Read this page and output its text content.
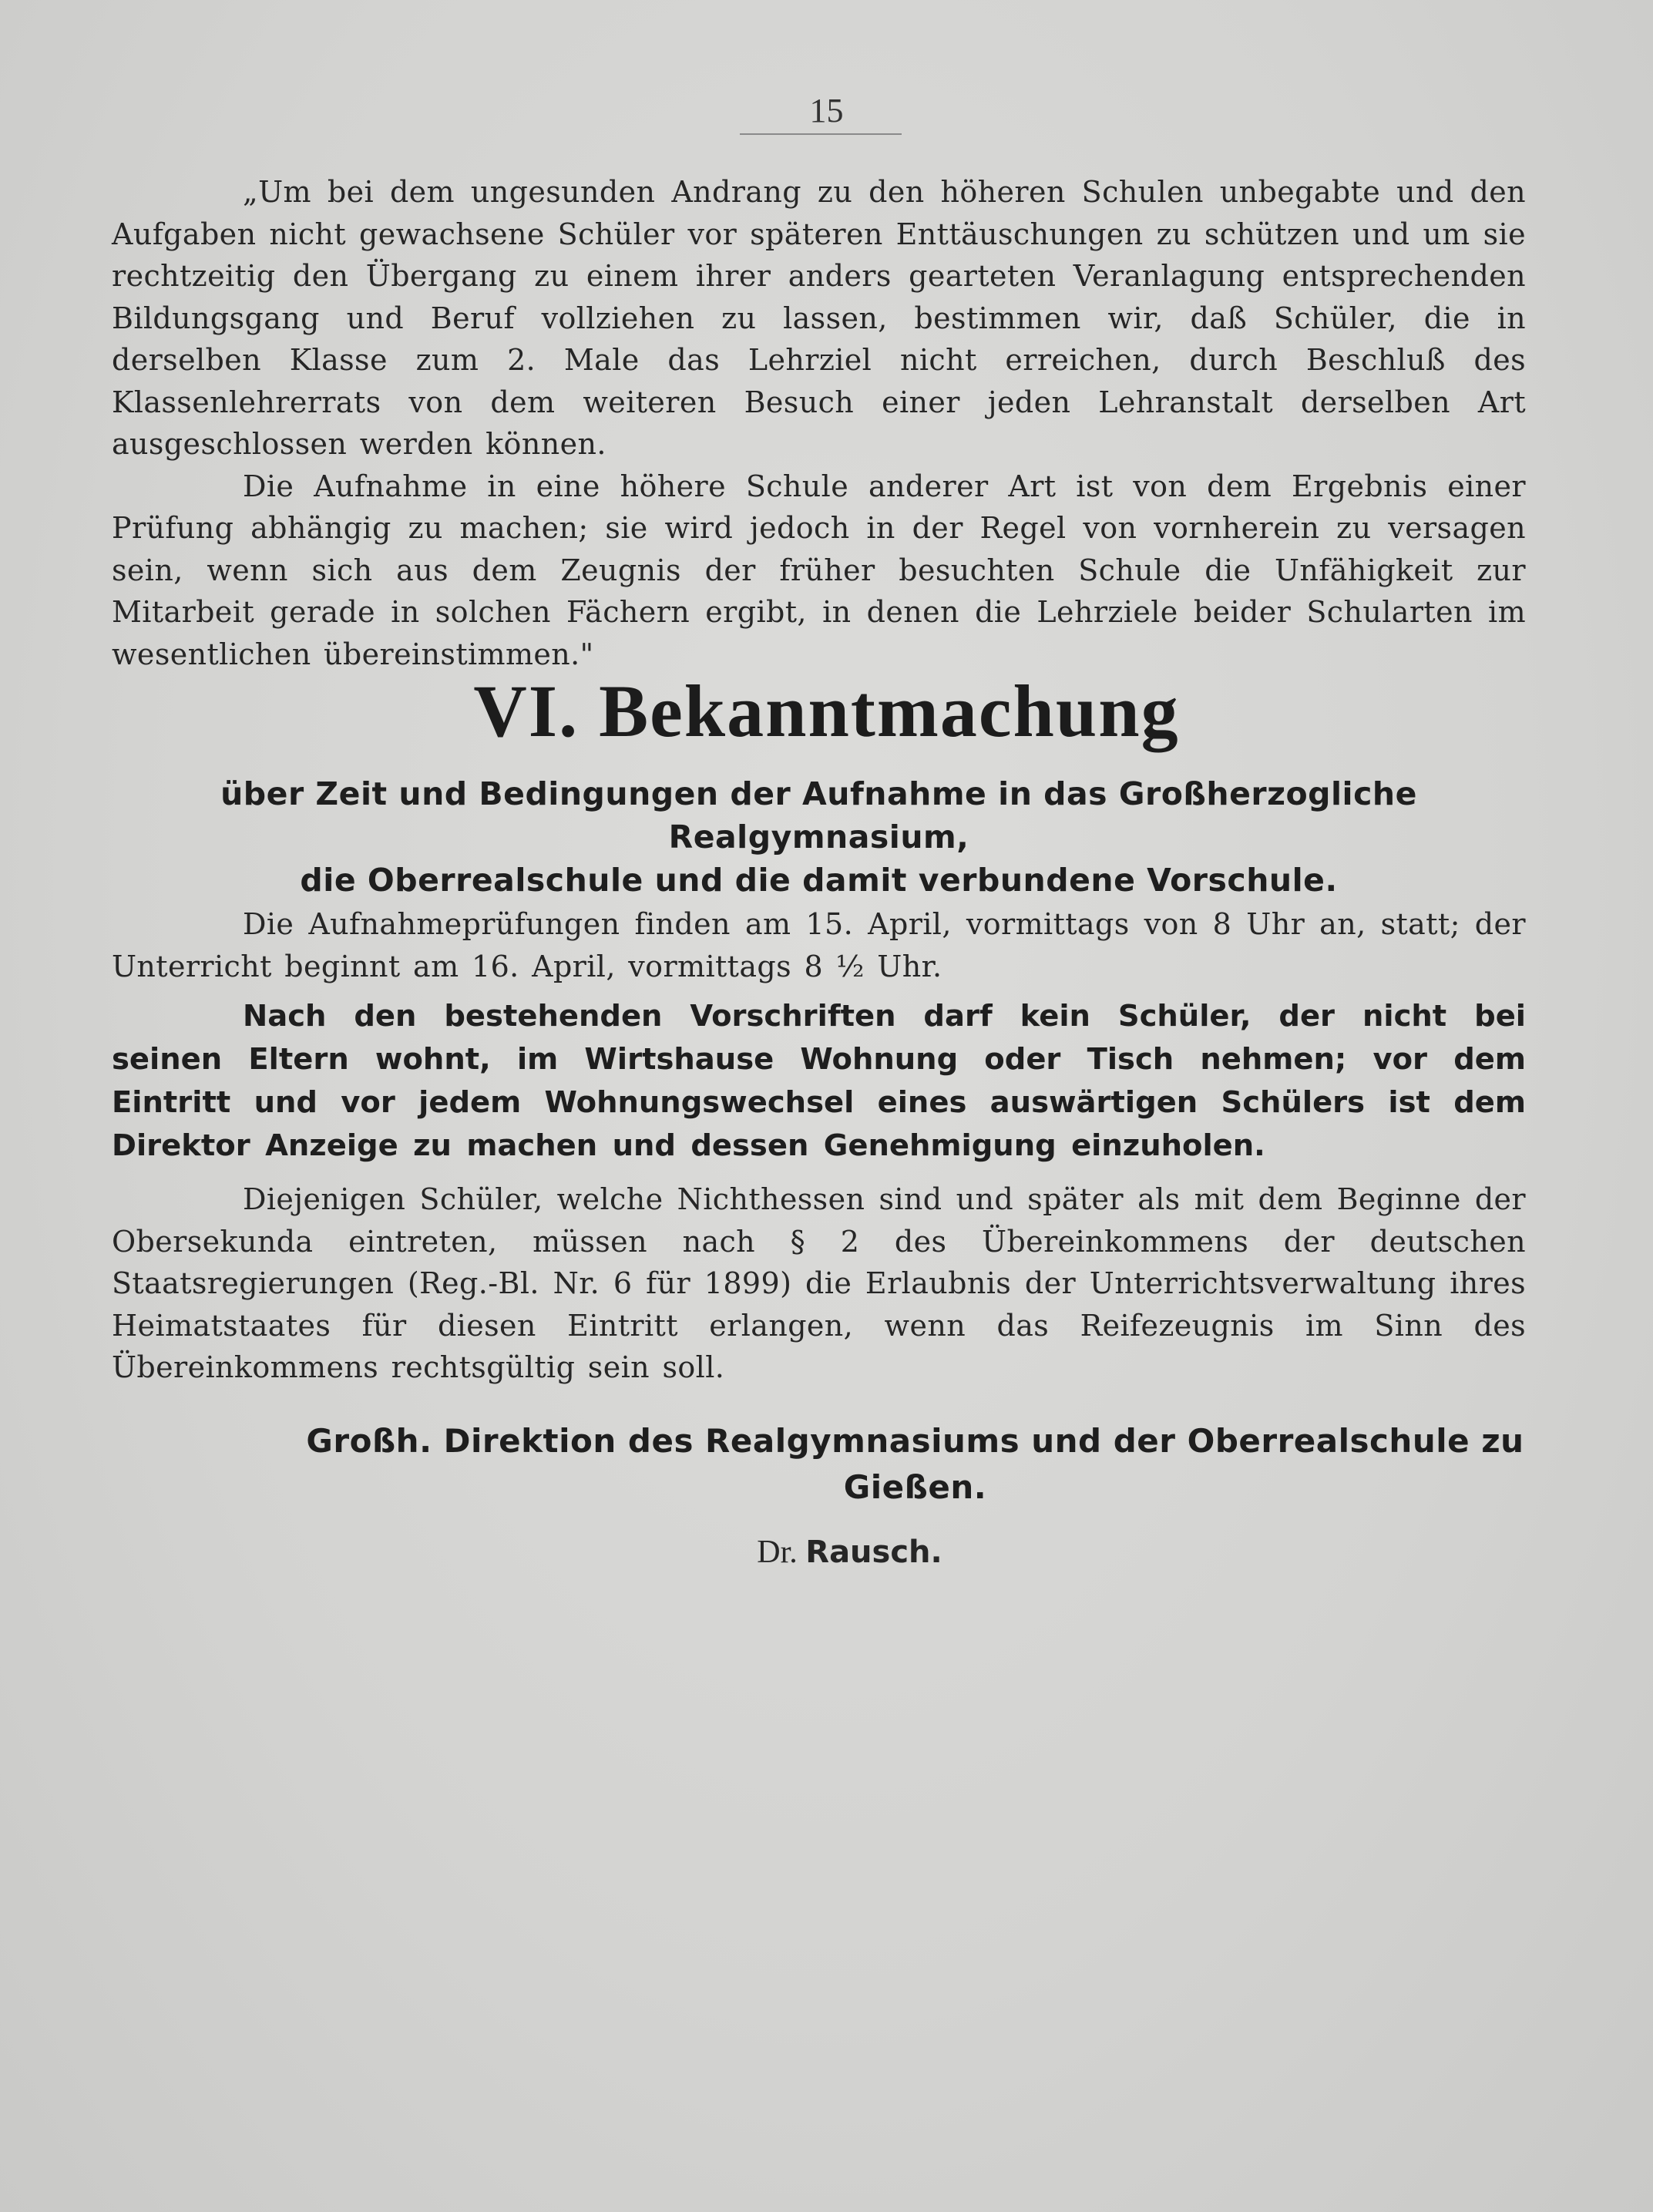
15

„Um bei dem ungesunden Andrang zu den höheren Schulen unbegabte und den Aufgaben nicht gewachsene Schüler vor späteren Enttäuschungen zu schützen und um sie rechtzeitig den Übergang zu einem ihrer anders gearteten Veranlagung entsprechenden Bildungsgang und Beruf vollziehen zu lassen, bestimmen wir, daß Schüler, die in derselben Klasse zum 2. Male das Lehrziel nicht erreichen, durch Beschluß des Klassenlehrerrats von dem weiteren Besuch einer jeden Lehranstalt derselben Art ausgeschlossen werden können.

Die Aufnahme in eine höhere Schule anderer Art ist von dem Ergebnis einer Prüfung abhängig zu machen; sie wird jedoch in der Regel von vornherein zu versagen sein, wenn sich aus dem Zeugnis der früher besuchten Schule die Unfähigkeit zur Mitarbeit gerade in solchen Fächern ergibt, in denen die Lehrziele beider Schularten im wesentlichen übereinstimmen."

VI. Bekanntmachung
über Zeit und Bedingungen der Aufnahme in das Großherzogliche Realgymnasium,
die Oberrealschule und die damit verbundene Vorschule.

Die Aufnahmeprüfungen finden am 15. April, vormittags von 8 Uhr an, statt; der Unterricht beginnt am 16. April, vormittags 8 ½ Uhr.

Nach den bestehenden Vorschriften darf kein Schüler, der nicht bei seinen Eltern wohnt, im Wirtshause Wohnung oder Tisch nehmen; vor dem Eintritt und vor jedem Wohnungswechsel eines auswärtigen Schülers ist dem Direktor Anzeige zu machen und dessen Genehmigung einzuholen.

Diejenigen Schüler, welche Nichthessen sind und später als mit dem Beginne der Obersekunda eintreten, müssen nach § 2 des Übereinkommens der deutschen Staatsregierungen (Reg.-Bl. Nr. 6 für 1899) die Erlaubnis der Unterrichtsverwaltung ihres Heimatstaates für diesen Eintritt erlangen, wenn das Reifezeugnis im Sinn des Übereinkommens rechtsgültig sein soll.

Großh. Direktion des Realgymnasiums und der Oberrealschule zu Gießen.
Dr. Rausch.
